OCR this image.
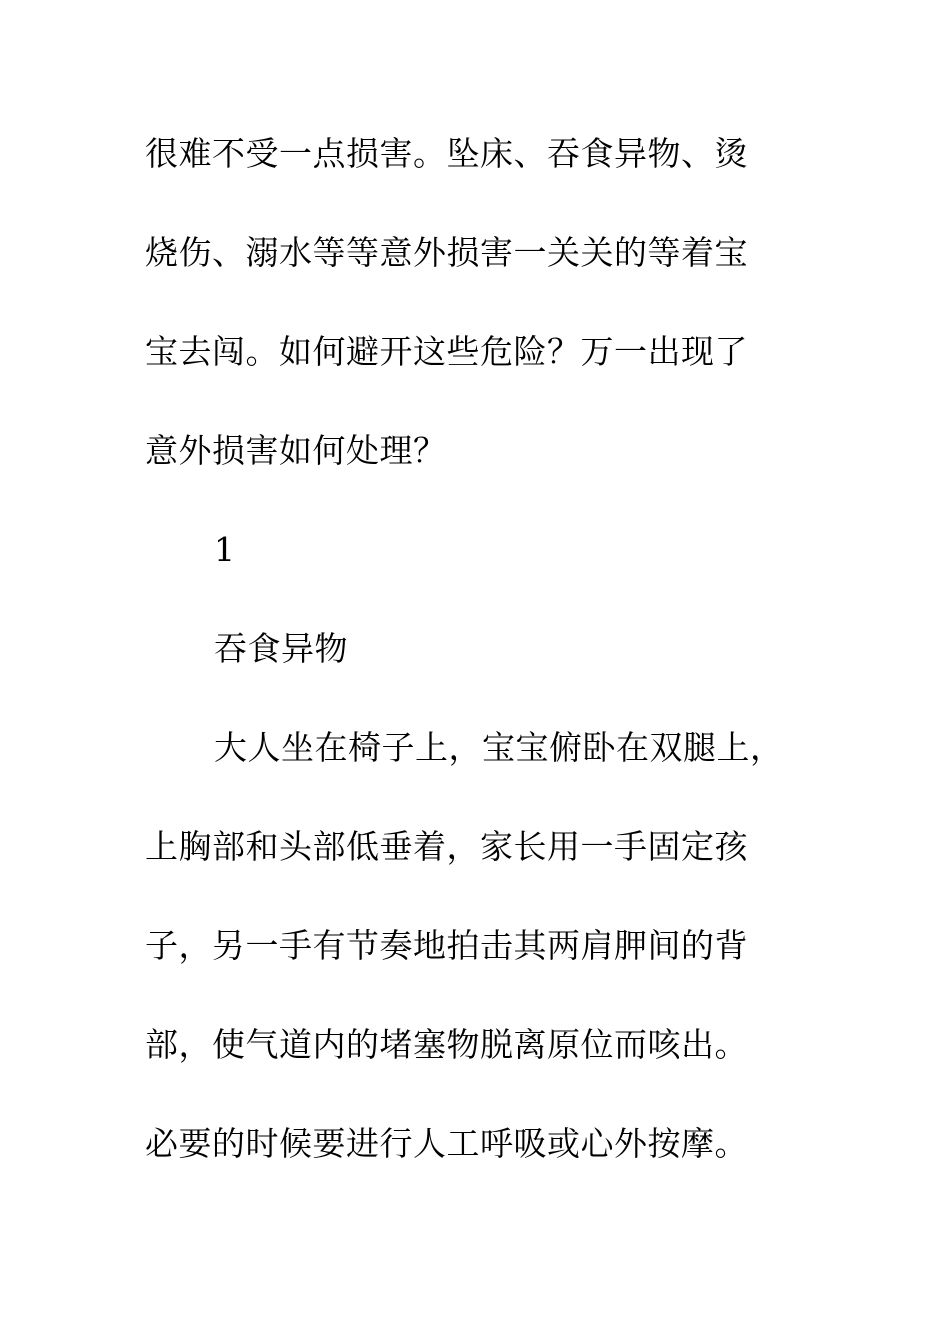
很难不受一点损害。坠床、吞食异物、烫
烧伤、溺水等等意外损害一关关的等着宝
宝去闯。如何避开这些危险？万一出现了
意外损害如何处理？
1
吞食异物
大人坐在椅子上，宝宝俯卧在双腿上，
上胸部和头部低垂着，家长用一手固定孩
子，另一手有节奏地拍击其两肩胛间的背
部，使气道内的堵塞物脱离原位而咳出。
必要的时候要进行人工呼吸或心外按摩。
